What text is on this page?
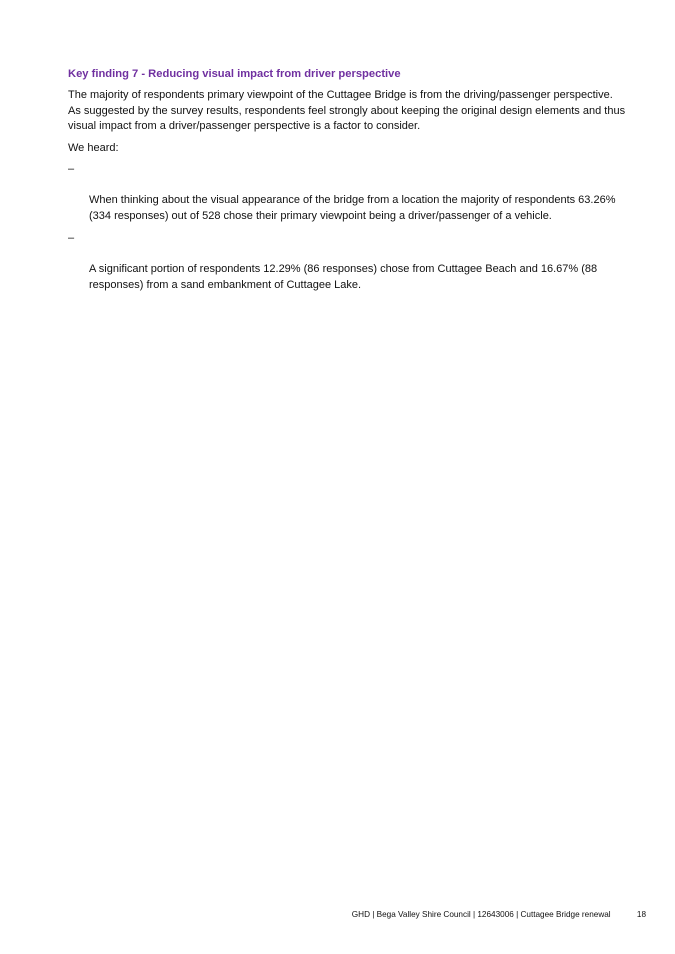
Key finding 7 - Reducing visual impact from driver perspective

The majority of respondents primary viewpoint of the Cuttagee Bridge is from the driving/passenger perspective.
As suggested by the survey results, respondents feel strongly about keeping the original design elements and thus
visual impact from a driver/passenger perspective is a factor to consider.

We heard:

–

When thinking about the visual appearance of the bridge from a location the majority of respondents 63.26%
(334 responses) out of 528 chose their primary viewpoint being a driver/passenger of a vehicle.

–

A significant portion of respondents 12.29% (86 responses) chose from Cuttagee Beach and 16.67% (88
responses) from a sand embankment of Cuttagee Lake.

GHD | Bega Valley Shire Council | 12643006 | Cuttagee Bridge renewal	18
